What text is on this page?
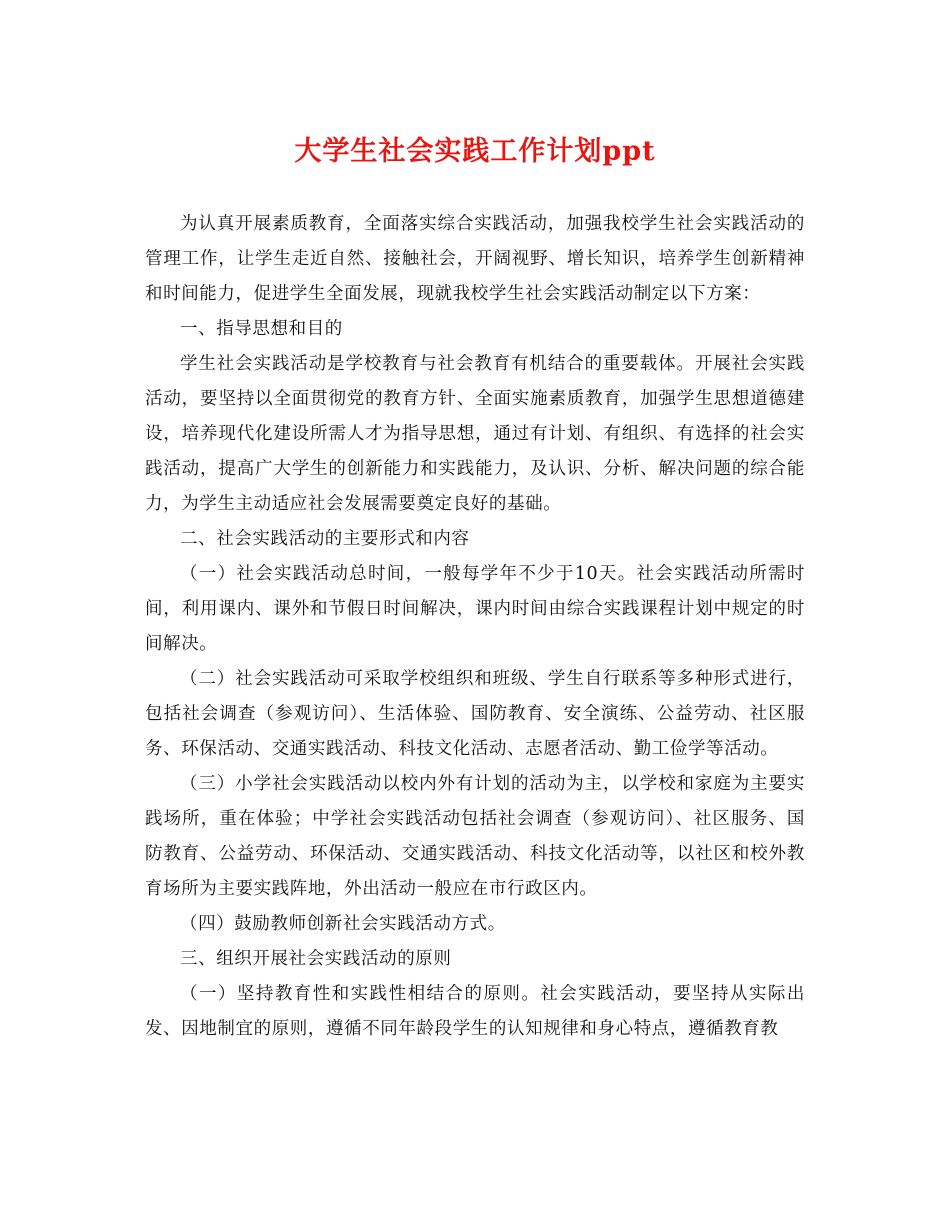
大学生社会实践工作计划ppt

为认真开展素质教育，全面落实综合实践活动，加强我校学生社会实践活动的管理工作，让学生走近自然、接触社会，开阔视野、增长知识，培养学生创新精神和时间能力，促进学生全面发展，现就我校学生社会实践活动制定以下方案：

一、指导思想和目的

学生社会实践活动是学校教育与社会教育有机结合的重要载体。开展社会实践活动，要坚持以全面贯彻党的教育方针、全面实施素质教育，加强学生思想道德建设，培养现代化建设所需人才为指导思想，通过有计划、有组织、有选择的社会实践活动，提高广大学生的创新能力和实践能力，及认识、分析、解决问题的综合能力，为学生主动适应社会发展需要奠定良好的基础。

二、社会实践活动的主要形式和内容

（一）社会实践活动总时间，一般每学年不少于10天。社会实践活动所需时间，利用课内、课外和节假日时间解决，课内时间由综合实践课程计划中规定的时间解决。

（二）社会实践活动可采取学校组织和班级、学生自行联系等多种形式进行，包括社会调查（参观访问）、生活体验、国防教育、安全演练、公益劳动、社区服务、环保活动、交通实践活动、科技文化活动、志愿者活动、勤工俭学等活动。

（三）小学社会实践活动以校内外有计划的活动为主，以学校和家庭为主要实践场所，重在体验；中学社会实践活动包括社会调查（参观访问）、社区服务、国防教育、公益劳动、环保活动、交通实践活动、科技文化活动等，以社区和校外教育场所为主要实践阵地，外出活动一般应在市行政区内。

（四）鼓励教师创新社会实践活动方式。

三、组织开展社会实践活动的原则

（一）坚持教育性和实践性相结合的原则。社会实践活动，要坚持从实际出发、因地制宜的原则，遵循不同年龄段学生的认知规律和身心特点，遵循教育教
